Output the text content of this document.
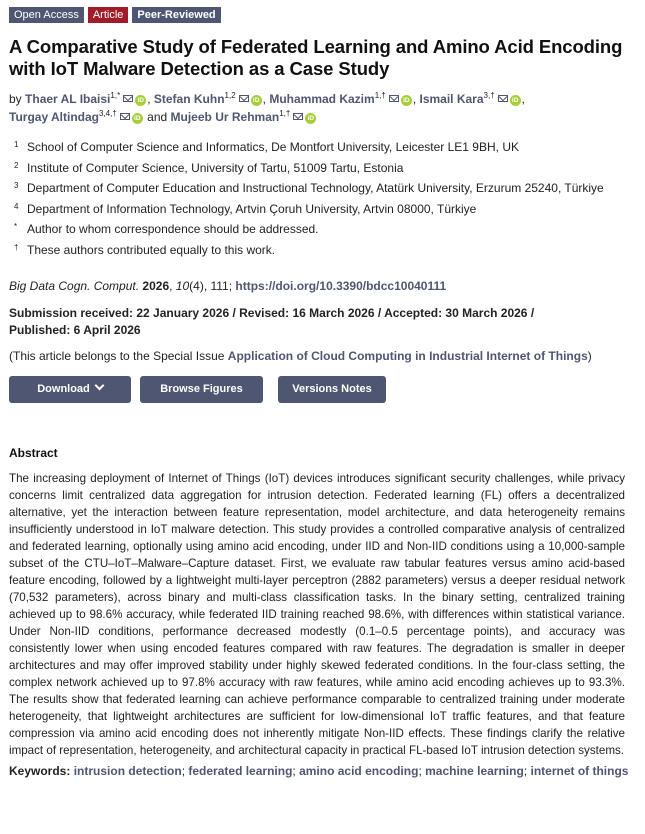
Open Access	Article	Peer-Reviewed
A Comparative Study of Federated Learning and Amino Acid Encoding with IoT Malware Detection as a Case Study
by Thaer AL Ibaisi$^{1,*}$iD , Stefan Kuhn$^{1,2}$iD , Muhammad Kazim$^{1,\dagger}$iD , Ismail Kara$^{3,\dagger}$iD ,
Turgay Altindag$^{3,4,\dagger}$iD and Mujeeb Ur Rehman$^{1,\dagger}$iD
1 School of Computer Science and Informatics, De Montfort University, Leicester LE1 9BH, UK
2 Institute of Computer Science, University of Tartu, 51009 Tartu, Estonia
3 Department of Computer Education and Instructional Technology, Atatürk University, Erzurum 25240, Türkiye
4 Department of Information Technology, Artvin Çoruh University, Artvin 08000, Türkiye
* Author to whom correspondence should be addressed.
† These authors contributed equally to this work.
Big Data Cogn. Comput. 2026, 10(4), 111; https://doi.org/10.3390/bdcc10040111
Submission received: 22 January 2026 / Revised: 16 March 2026 / Accepted: 30 March 2026 /
Published: 6 April 2026
(This article belongs to the Special Issue Application of Cloud Computing in Industrial Internet of Things)
Download	Browse Figures	Versions Notes
Abstract
The increasing deployment of Internet of Things (IoT) devices introduces significant security challenges, while privacy concerns limit centralized data aggregation for intrusion detection. Federated learning (FL) offers a decentralized alternative, yet the interaction between feature representation, model architecture, and data heterogeneity remains insufficiently understood in IoT malware detection. This study provides a controlled comparative analysis of centralized and federated learning, optionally using amino acid encoding, under IID and Non-IID conditions using a 10,000-sample subset of the CTU–IoT–Malware–Capture dataset. First, we evaluate raw tabular features versus amino acid-based feature encoding, followed by a lightweight multi-layer perceptron (2882 parameters) versus a deeper residual network (70,532 parameters), across binary and multi-class classification tasks. In the binary setting, centralized training achieved up to 98.6% accuracy, while federated IID training reached 98.6%, with differences within statistical variance. Under Non-IID conditions, performance decreased modestly (0.1–0.5 percentage points), and accuracy was consistently lower when using encoded features compared with raw features. The degradation is smaller in deeper architectures and may offer improved stability under highly skewed federated conditions. In the four-class setting, the complex network achieved up to 97.8% accuracy with raw features, while amino acid encoding achieves up to 93.3%. The results show that federated learning can achieve performance comparable to centralized training under moderate heterogeneity, that lightweight architectures are sufficient for low-dimensional IoT traffic features, and that feature compression via amino acid encoding does not inherently mitigate Non-IID effects. These findings clarify the relative impact of representation, heterogeneity, and architectural capacity in practical FL-based IoT intrusion detection systems.
Keywords: intrusion detection; federated learning; amino acid encoding; machine learning; internet of things
